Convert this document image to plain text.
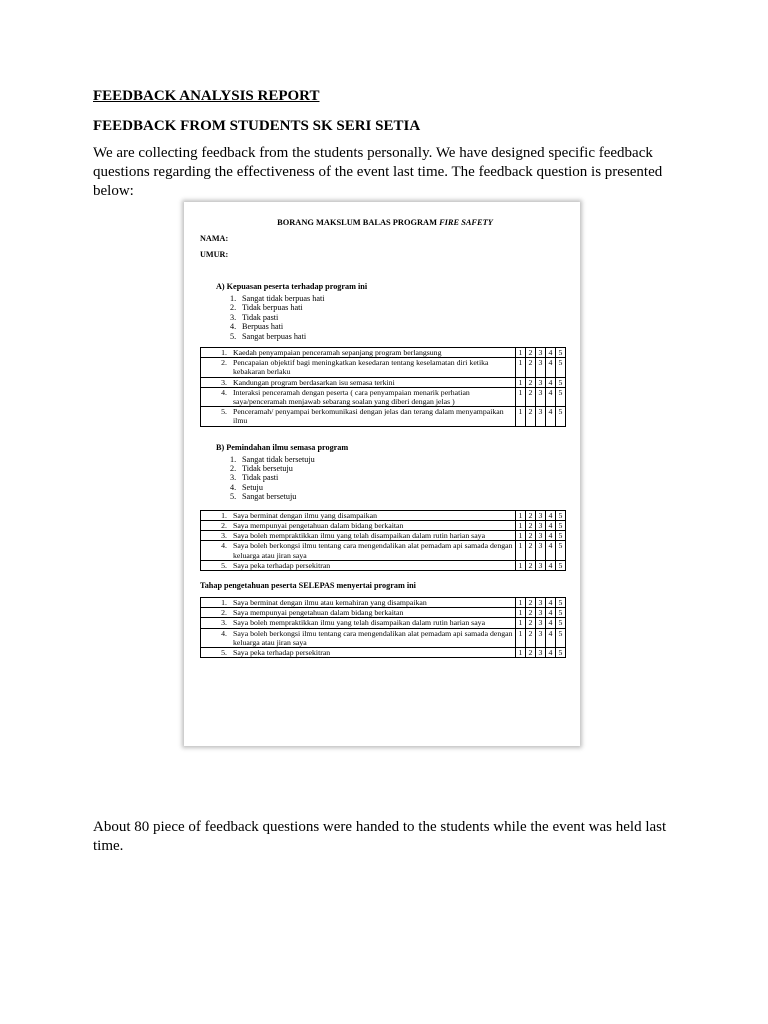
FEEDBACK ANALYSIS REPORT

FEEDBACK FROM STUDENTS SK SERI SETIA

We are collecting feedback from the students personally. We have designed specific feedback questions regarding the effectiveness of the event last time. The feedback question is presented below:

BORANG MAKSLUM BALAS PROGRAM FIRE SAFETY

NAMA:

UMUR:

A) Kepuasan peserta terhadap program ini

1. Sangat tidak berpuas hati
2. Tidak berpuas hati
3. Tidak pasti
4. Berpuas hati
5. Sangat berpuas hati
1.	Kaedah penyampaian penceramah sepanjang program berlangsung	1	2	3	4	5
2.	Pencapaian objektif bagi meningkatkan kesedaran tentang keselamatan diri ketika kebakaran berlaku	1	2	3	4	5
3.	Kandungan program berdasarkan isu semasa terkini	1	2	3	4	5
4.	Interaksi penceramah dengan peserta ( cara penyampaian menarik perhatian saya/penceramah menjawab sebarang soalan yang diberi dengan jelas )	1	2	3	4	5
5.	Penceramah/ penyampai berkomunikasi dengan jelas dan terang dalam menyampaikan ilmu	1	2	3	4	5

B) Pemindahan ilmu semasa program

1. Sangat tidak bersetuju
2. Tidak bersetuju
3. Tidak pasti
4. Setuju
5. Sangat bersetuju
1.	Saya berminat dengan ilmu yang disampaikan	1	2	3	4	5
2.	Saya mempunyai pengetahuan dalam bidang berkaitan	1	2	3	4	5
3.	Saya boleh mempraktikkan ilmu yang telah disampaikan dalam rutin harian saya	1	2	3	4	5
4.	Saya boleh berkongsi ilmu tentang cara mengendalikan alat pemadam api samada dengan keluarga atau jiran saya	1	2	3	4	5
5.	Saya peka terhadap persekitran	1	2	3	4	5

Tahap pengetahuan peserta SELEPAS menyertai program ini

1.	Saya berminat dengan ilmu atau kemahiran yang disampaikan	1	2	3	4	5
2.	Saya mempunyai pengetahuan dalam bidang berkaitan	1	2	3	4	5
3.	Saya boleh mempraktikkan ilmu yang telah disampaikan dalam rutin harian saya	1	2	3	4	5
4.	Saya boleh berkongsi ilmu tentang cara mengendalikan alat pemadam api samada dengan keluarga atau jiran saya	1	2	3	4	5
5.	Saya peka terhadap persekitran	1	2	3	4	5

About 80 piece of feedback questions were handed to the students while the event was held last time.
